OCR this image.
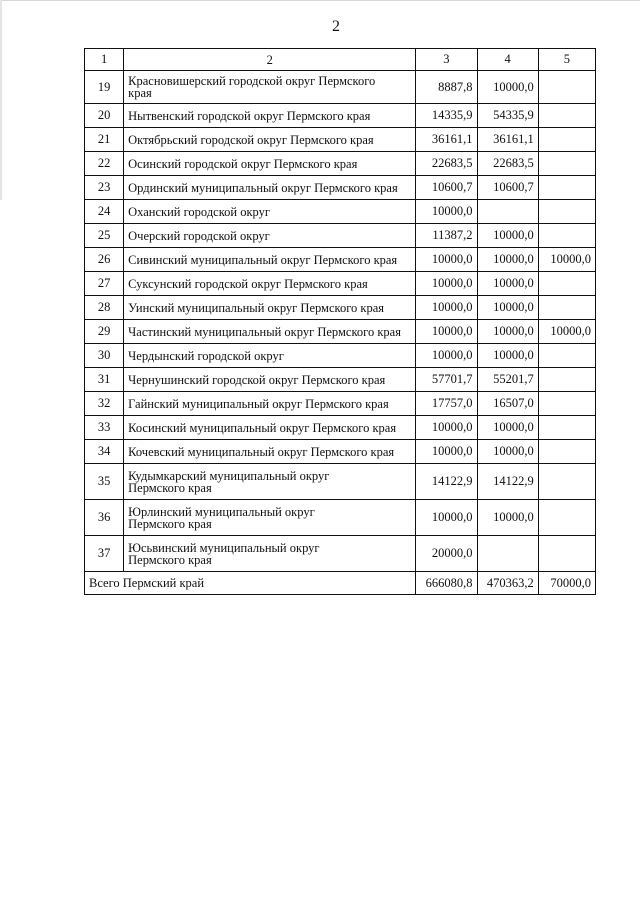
2
1	2	3	4	5
19	Красновишерский городской округ Пермского
края	8887,8	10000,0	
20	Нытвенский городской округ Пермского края	14335,9	54335,9	
21	Октябрьский городской округ Пермского края	36161,1	36161,1	
22	Осинский городской округ Пермского края	22683,5	22683,5	
23	Ординский муниципальный округ Пермского края	10600,7	10600,7	
24	Оханский городской округ	10000,0		
25	Очерский городской округ	11387,2	10000,0	
26	Сивинский муниципальный округ Пермского края	10000,0	10000,0	10000,0
27	Суксунский городской округ Пермского края	10000,0	10000,0	
28	Уинский муниципальный округ Пермского края	10000,0	10000,0	
29	Частинский муниципальный округ Пермского края	10000,0	10000,0	10000,0
30	Чердынский городской округ	10000,0	10000,0	
31	Чернушинский городской округ Пермского края	57701,7	55201,7	
32	Гайнский муниципальный округ Пермского края	17757,0	16507,0	
33	Косинский муниципальный округ Пермского края	10000,0	10000,0	
34	Кочевский муниципальный округ Пермского края	10000,0	10000,0	
35	Кудымкарский муниципальный округ
Пермского края	14122,9	14122,9	
36	Юрлинский муниципальный округ
Пермского края	10000,0	10000,0	
37	Юсьвинский муниципальный округ
Пермского края	20000,0		
Всего Пермский край		666080,8	470363,2	70000,0
